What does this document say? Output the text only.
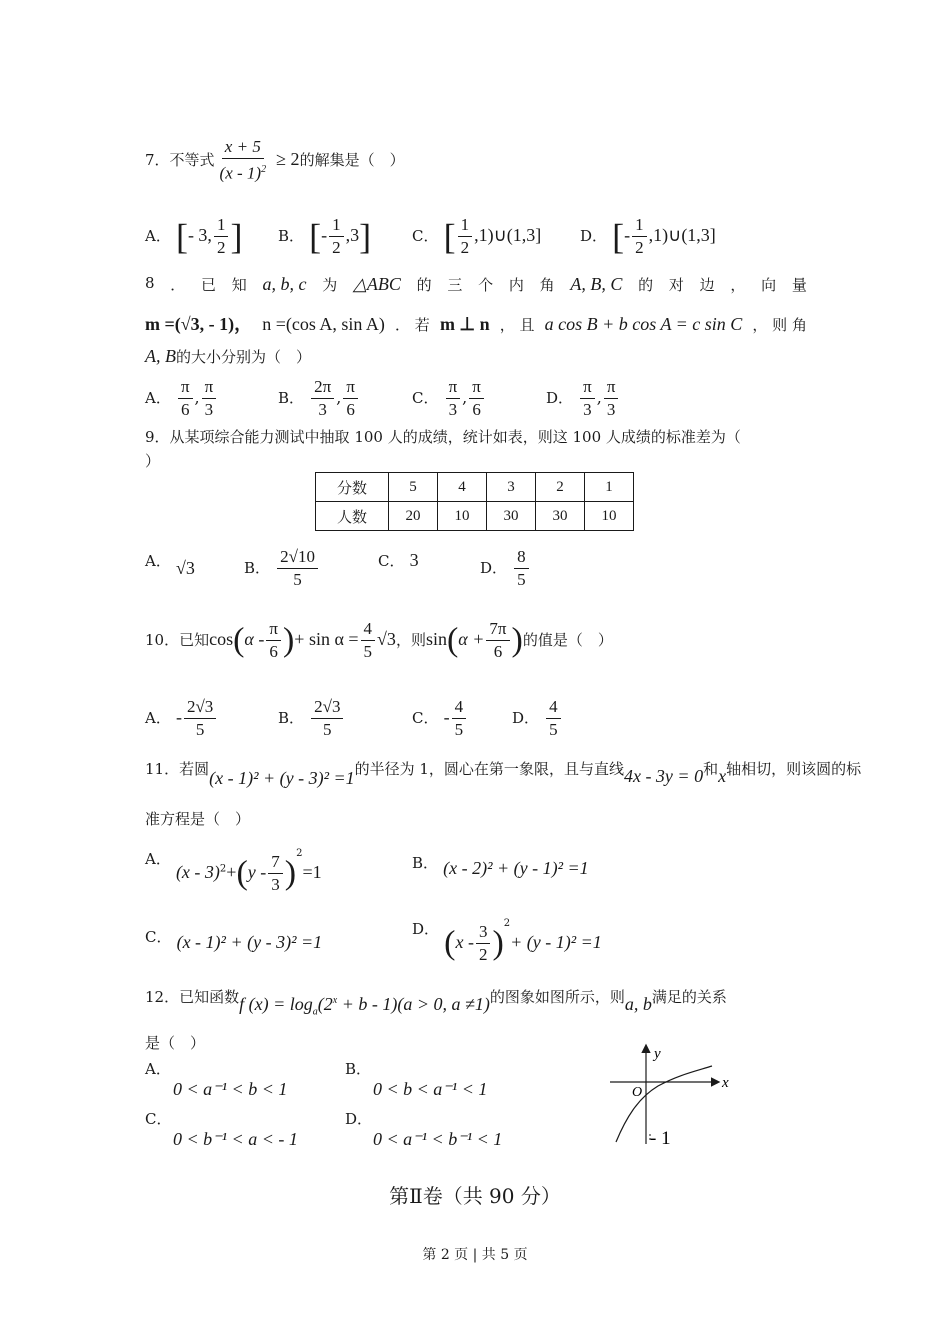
7．不等式 $\frac{x + 5}{(x - 1)^2} \ge 2$的解集是（　）
A． [- 3, $\frac{1}{2}$ ] B． [- $\frac{1}{2} ,3$]	C． [ $\frac{1}{2}$ ,1)∪(1,3]	D． [- $\frac{1}{2}$ ,1)∪(1,3]
8 ． 已 知 a, b, c 为 △ABC 的 三 个 内 角 A, B, C 的 对 边 ， 向 量
m =(√3, - 1)， n =(cos A, sin A) ． 若 m ⊥ n ， 且 a cos B + b cos A = c sin C ， 则 角
A, B的大小分别为（　）
A． $\frac{\pi}{6}$ , $\frac{\pi}{3}$	B． $\frac{2\pi}{3}$ , $\frac{\pi}{6}$	C． $\frac{\pi}{3}$ , $\frac{\pi}{6}$	D． $\frac{\pi}{3}$ , $\frac{\pi}{3}$
9．从某项综合能力测试中抽取 100 人的成绩，统计如表，则这 100 人成绩的标准差为（
）
分数	5	4	3	2	1
人数	20	10	30	30	10
A． √3	B． $\frac{2√10}{5}$	C． 3	D． $\frac{8}{5}$
10．已知$\cos(\alpha - \frac{\pi}{6}$ )+ $\sin \alpha = \frac{4}{5} √3$，则$\sin(\alpha + \frac{7\pi}{6}$ )的值是（　）
A． - $\frac{2√3}{5}$	B． $\frac{2√3}{5}$	C． - $\frac{4}{5}$	D． $\frac{4}{5}$
11．若圆(x - 1)² + (y - 3)² =1的半径为 1，圆心在第一象限，且与直线4x - 3y = 0和x轴相切，则该圆的标
准方程是（　）
A． $(x - 3)^2+(y - \frac{7}{3} )^2=1$	B． (x - 2)² + (y - 1)² =1
C． (x - 1)² + (y - 3)² =1
D． $(x - \frac{3}{2} )^2+ (y - 1)^2 =1$
12．已知函数f $(x) = \log_a(2^x + b - 1)(a > 0$, a ≠1)的图象如图所示，则a, b满足的关系
是（　）
A．
0 < a⁻¹ < b < 1
B．
0 < b < a⁻¹ < 1
C．
0 < b⁻¹ < a < - 1
D．
0 < a⁻¹ < b⁻¹ < 1
y
x
O
- 1
第Ⅱ卷（共 90 分）
第 2 页 | 共 5 页
